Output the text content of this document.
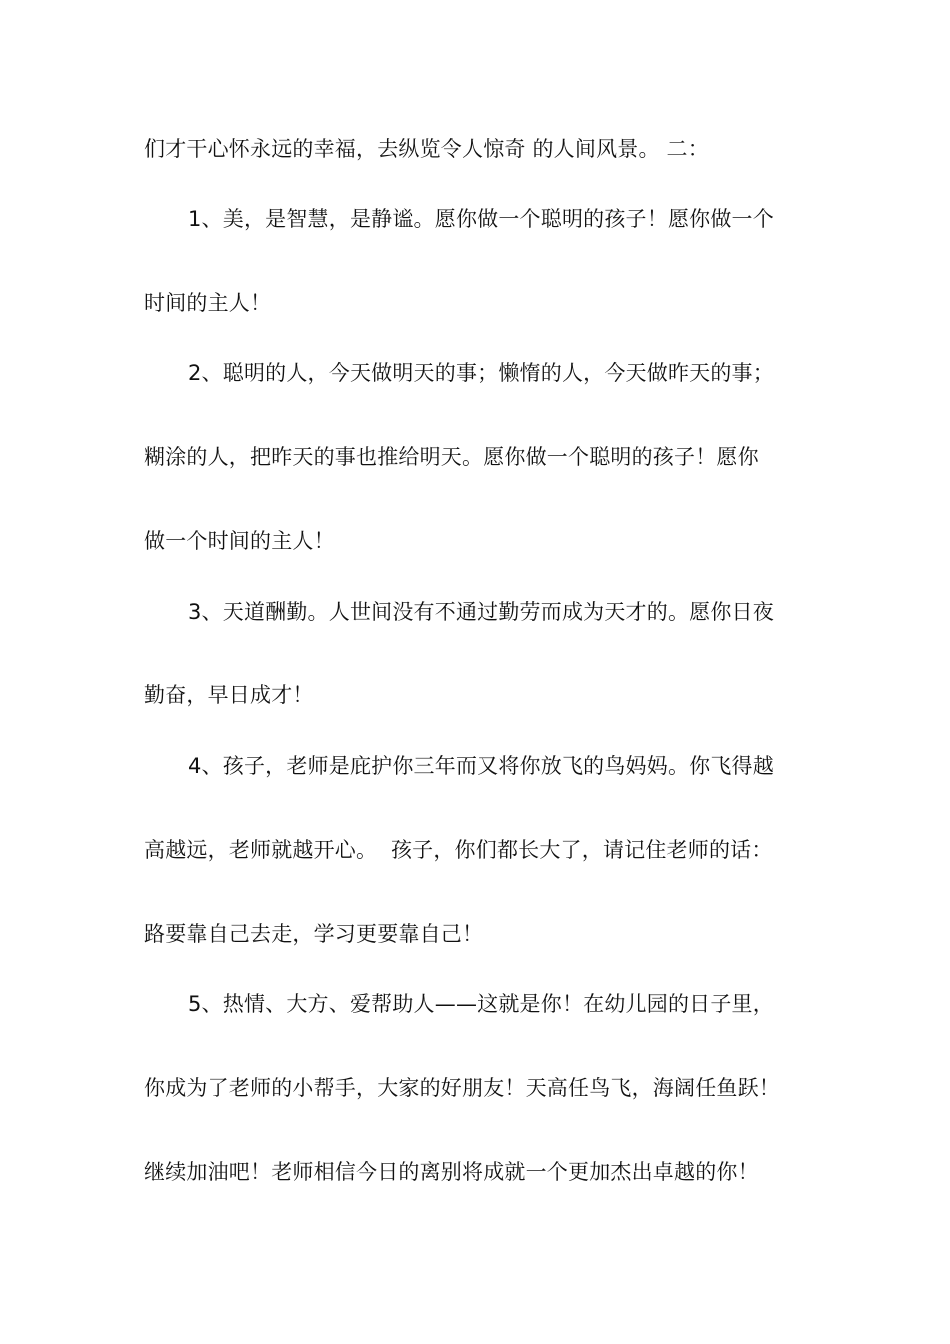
们才干心怀永远的幸福，去纵览令人惊奇 的人间风景。 二：
1、美，是智慧，是静谧。愿你做一个聪明的孩子！愿你做一个
时间的主人！
2、聪明的人，今天做明天的事；懒惰的人，今天做昨天的事；
糊涂的人，把昨天的事也推给明天。愿你做一个聪明的孩子！愿你
做一个时间的主人！
3、天道酬勤。人世间没有不通过勤劳而成为天才的。愿你日夜
勤奋，早日成才！
4、孩子，老师是庇护你三年而又将你放飞的鸟妈妈。你飞得越
高越远，老师就越开心。  孩子，你们都长大了，请记住老师的话：
路要靠自己去走，学习更要靠自己！
5、热情、大方、爱帮助人——这就是你！在幼儿园的日子里，
你成为了老师的小帮手，大家的好朋友！天高任鸟飞，海阔任鱼跃！
继续加油吧！老师相信今日的离别将成就一个更加杰出卓越的你！
